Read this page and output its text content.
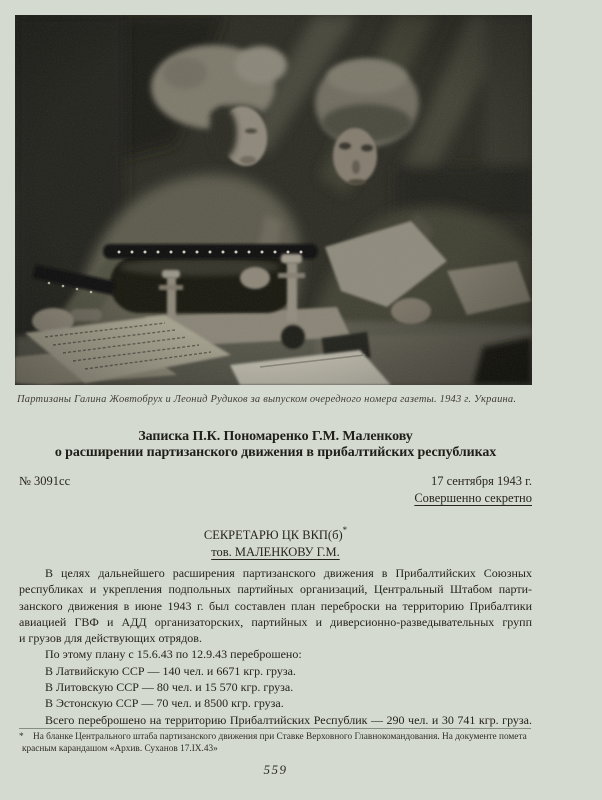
Партизаны Галина Жовтобрух и Леонид Рудиков за выпуском очередного номера газеты. 1943 г. Украина.
Записка П.К. Пономаренко Г.М. Маленкову
о расширении партизанского движения в прибалтийских республиках
№ 3091сс	17 сентября 1943 г.
Совершенно секретно
СЕКРЕТАРЮ ЦК ВКП(б)*
тов. МАЛЕНКОВУ Г.М.
В целях дальнейшего расширения партизанского движения в Прибалтийских Союзных
республиках и укрепления подпольных партийных организаций, Центральный Штабом парти-
занского движения в июне 1943 г. был составлен план переброски на территорию Прибалтики
авиацией ГВФ и АДД организаторских, партийных и диверсионно-разведывательных групп
и грузов для действующих отрядов.
По этому плану с 15.6.43 по 12.9.43 переброшено:
В Латвийскую ССР — 140 чел. и 6671 кгр. груза.
В Литовскую ССР — 80 чел. и 15 570 кгр. груза.
В Эстонскую ССР — 70 чел. и 8500 кгр. груза.
Всего переброшено на территорию Прибалтийских Республик — 290 чел. и 30 741 кгр. груза.
* На бланке Центрального штаба партизанского движения при Ставке Верховного Главнокомандования. На документе помета
красным карандашом «Архив. Суханов 17.IX.43»
559
